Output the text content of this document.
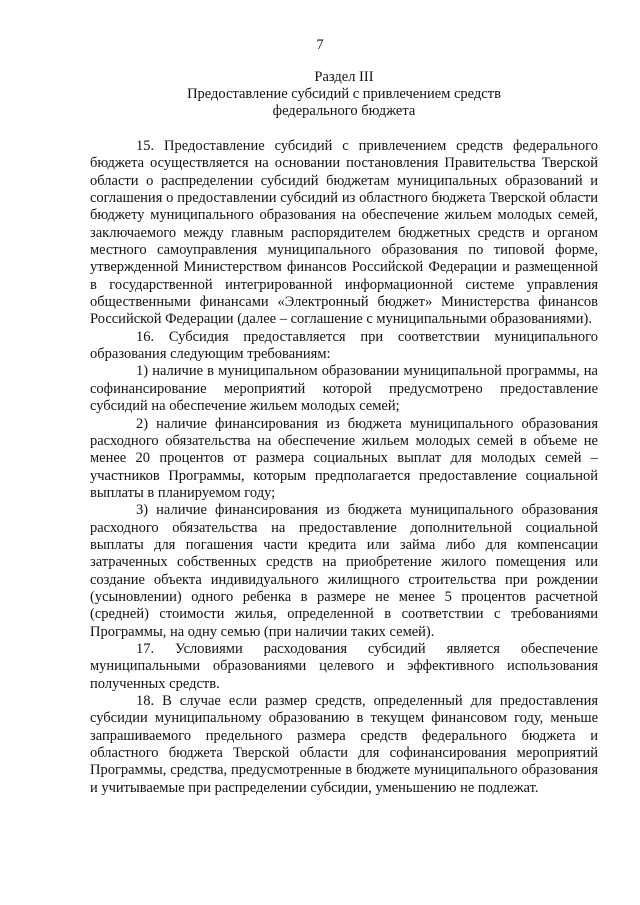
7
Раздел III
Предоставление субсидий с привлечением средств
федерального бюджета

15. Предоставление субсидий с привлечением средств федерального бюджета осуществляется на основании постановления Правительства Тверской области о распределении субсидий бюджетам муниципальных образований и соглашения о предоставлении субсидий из областного бюджета Тверской области бюджету муниципального образования на обеспечение жильем молодых семей, заключаемого между главным распорядителем бюджетных средств и органом местного самоуправления муниципального образования по типовой форме, утвержденной Министерством финансов Российской Федерации и размещенной в государственной интегрированной информационной системе управления общественными финансами «Электронный бюджет» Министерства финансов Российской Федерации (далее – соглашение с муниципальными образованиями).

16. Субсидия предоставляется при соответствии муниципального образования следующим требованиям:

1) наличие в муниципальном образовании муниципальной программы, на софинансирование мероприятий которой предусмотрено предоставление субсидий на обеспечение жильем молодых семей;

2) наличие финансирования из бюджета муниципального образования расходного обязательства на обеспечение жильем молодых семей в объеме не менее 20 процентов от размера социальных выплат для молодых семей – участников Программы, которым предполагается предоставление социальной выплаты в планируемом году;

3) наличие финансирования из бюджета муниципального образования расходного обязательства на предоставление дополнительной социальной выплаты для погашения части кредита или займа либо для компенсации затраченных собственных средств на приобретение жилого помещения или создание объекта индивидуального жилищного строительства при рождении (усыновлении) одного ребенка в размере не менее 5 процентов расчетной (средней) стоимости жилья, определенной в соответствии с требованиями Программы, на одну семью (при наличии таких семей).

17. Условиями расходования субсидий является обеспечение муниципальными образованиями целевого и эффективного использования полученных средств.

18. В случае если размер средств, определенный для предоставления субсидии муниципальному образованию в текущем финансовом году, меньше запрашиваемого предельного размера средств федерального бюджета и областного бюджета Тверской области для софинансирования мероприятий Программы, средства, предусмотренные в бюджете муниципального образования и учитываемые при распределении субсидии, уменьшению не подлежат.
